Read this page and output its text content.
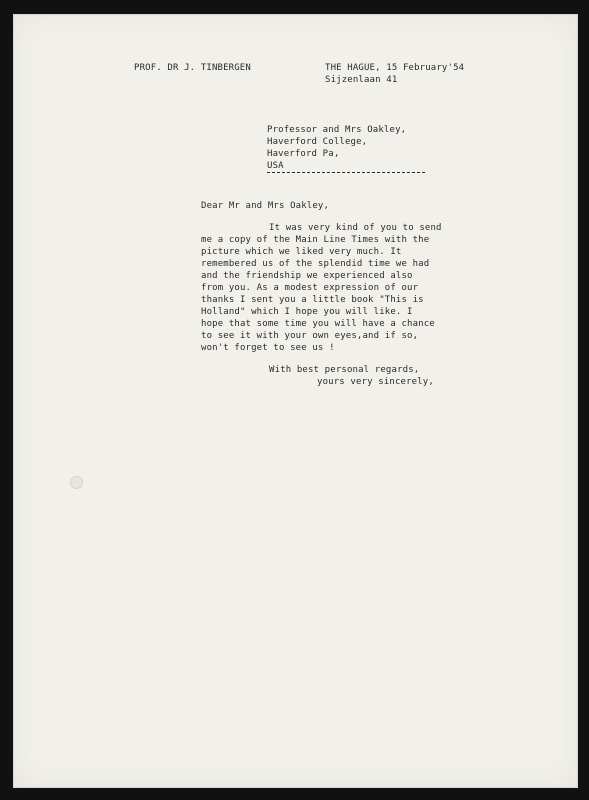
PROF. DR J. TINBERGEN	THE HAGUE, 15 February'54
Sijzenlaan 41
Professor and Mrs Oakley,
Haverford College,
Haverford Pa,
USA
Dear Mr and Mrs Oakley,
It was very kind of you to send
me a copy of the Main Line Times with the
picture which we liked very much. It
remembered us of the splendid time we had
and the friendship we experienced also
from you. As a modest expression of our
thanks I sent you a little book "This is
Holland" which I hope you will like. I
hope that some time you will have a chance
to see it with your own eyes,and if so,
won't forget to see us !
With best personal regards,
yours very sincerely,
